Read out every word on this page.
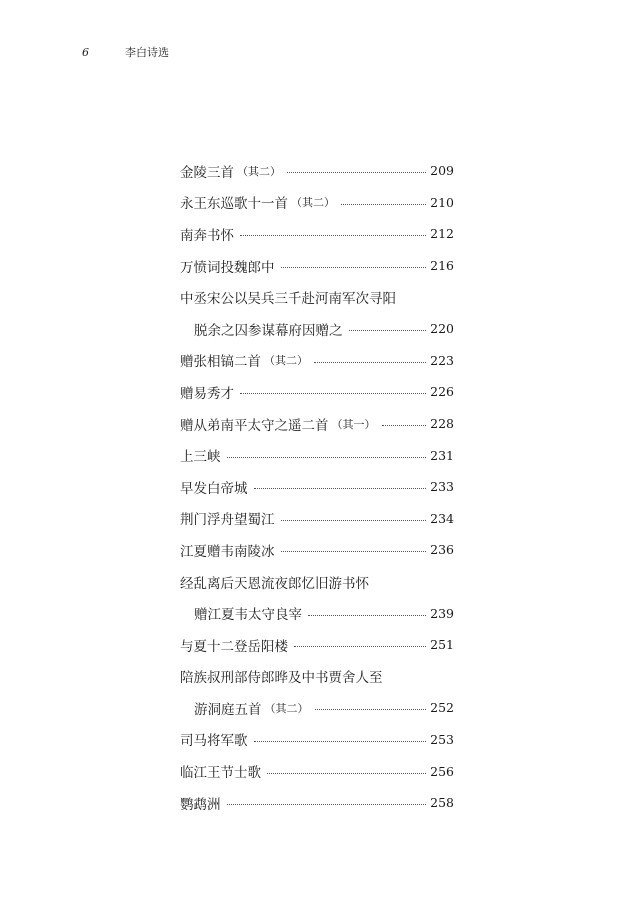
6	李白诗选
金陵三首 （其二）	209
永王东巡歌十一首 （其二）	210
南奔书怀	212
万愤词投魏郎中	216
中丞宋公以吴兵三千赴河南军次寻阳
脱余之囚参谋幕府因赠之	220
赠张相镐二首 （其二）	223
赠易秀才	226
赠从弟南平太守之遥二首 （其一）	228
上三峡	231
早发白帝城	233
荆门浮舟望蜀江	234
江夏赠韦南陵冰	236
经乱离后天恩流夜郎忆旧游书怀
赠江夏韦太守良宰	239
与夏十二登岳阳楼	251
陪族叔刑部侍郎晔及中书贾舍人至
游洞庭五首 （其二）	252
司马将军歌	253
临江王节士歌	256
鹦鹉洲	258
